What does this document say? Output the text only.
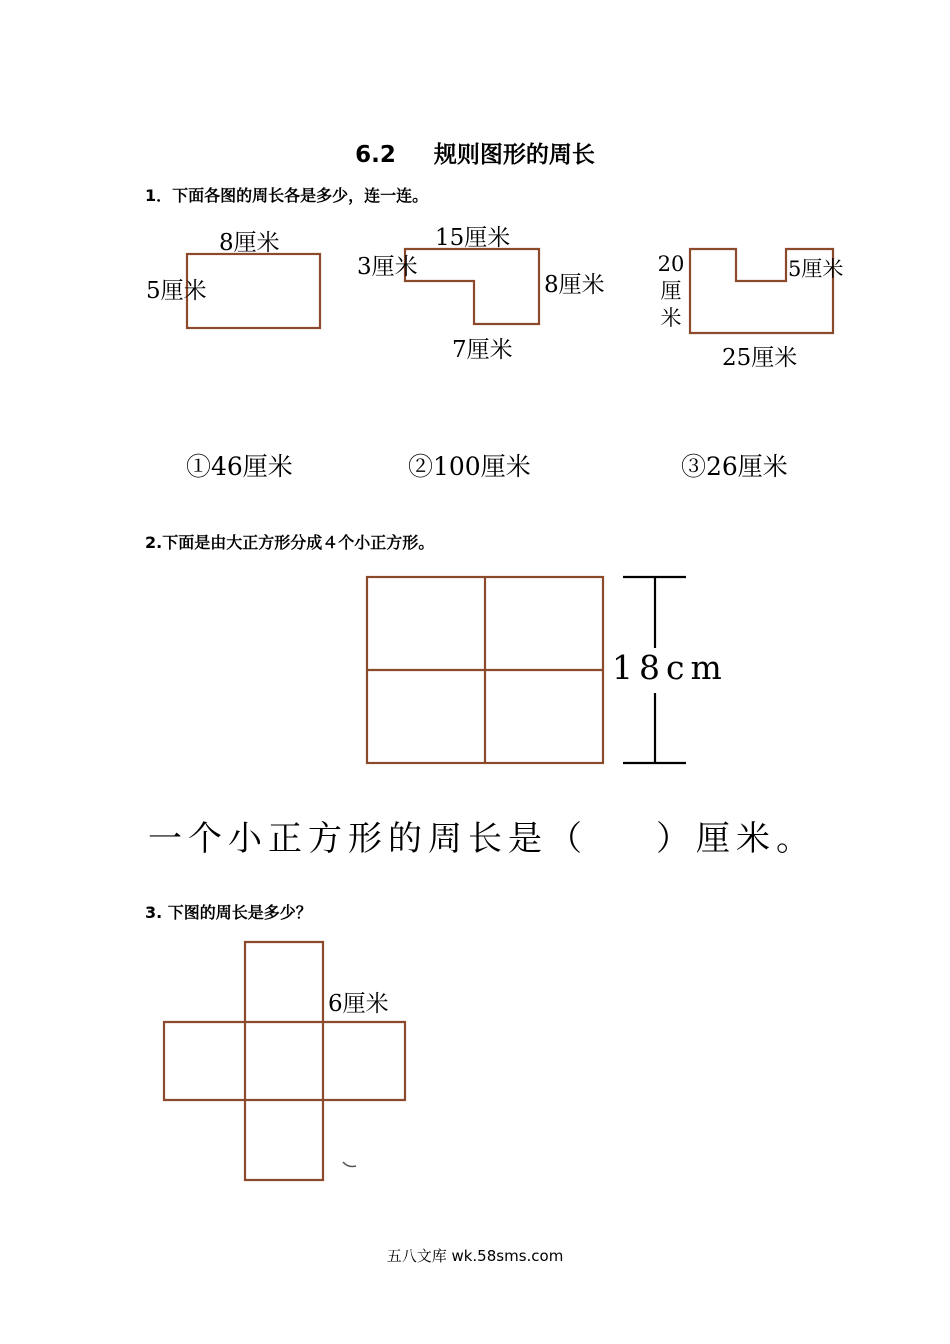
6.2 规则图形的周长
1．下面各图的周长各是多少，连一连。
8厘米
5厘米
15厘米
3厘米
8厘米
7厘米
20
厘
米
5厘米
25厘米
①46厘米	②100厘米	③26厘米
2.下面是由大正方形分成４个小正方形。
18cm
一个小正方形的周长是（ ）厘米。
3. 下图的周长是多少？
6厘米
五八文库 wk.58sms.com
